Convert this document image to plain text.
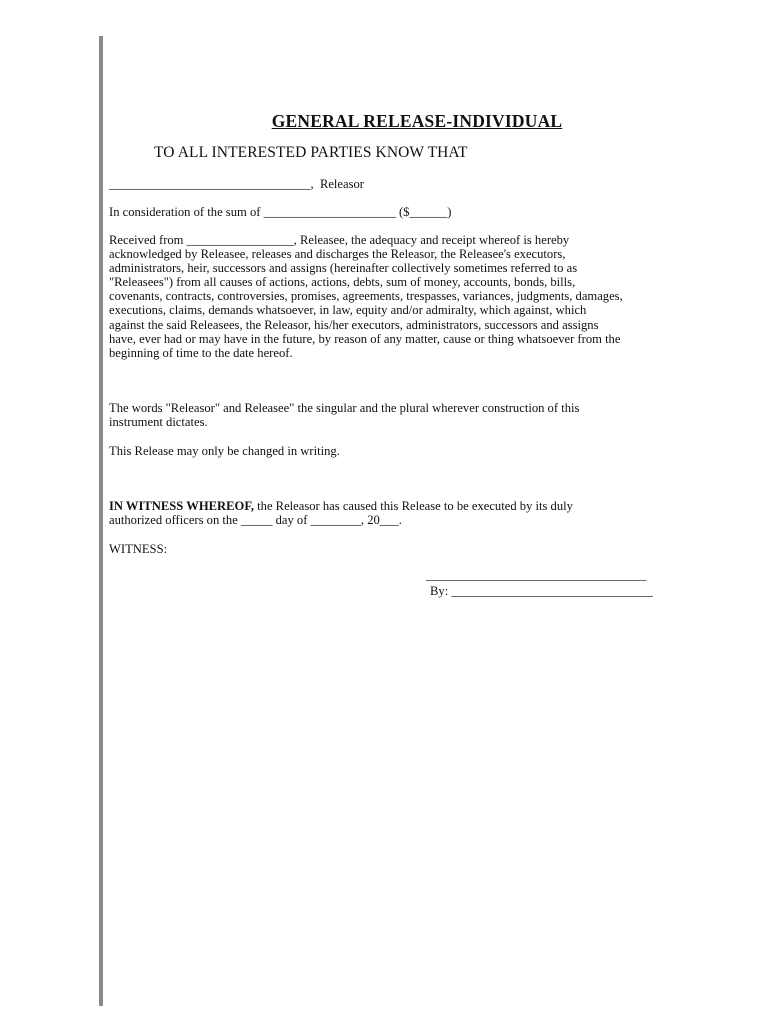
GENERAL RELEASE-INDIVIDUAL
TO ALL INTERESTED PARTIES KNOW THAT
________________________________,  Releasor
In consideration of the sum of _____________________ ($______)

Received from _________________, Releasee, the adequacy and receipt whereof is hereby

acknowledged by Releasee, releases and discharges the Releasor, the Releasee's executors,

administrators, heir, successors and assigns (hereinafter collectively sometimes referred to as

"Releasees") from all causes of actions, actions, debts, sum of money, accounts, bonds, bills,

covenants, contracts, controversies, promises, agreements, trespasses, variances, judgments, damages,

executions, claims, demands whatsoever, in law, equity and/or admiralty, which against, which

against the said Releasees, the Releasor, his/her executors, administrators, successors and assigns

have, ever had or may have in the future, by reason of any matter, cause or thing whatsoever from the

beginning of time to the date hereof.

The words "Releasor" and Releasee" the singular and the plural wherever construction of this

instrument dictates.

This Release may only be changed in writing.

IN WITNESS WHEREOF, the Releasor has caused this Release to be executed by its duly

authorized officers on the _____ day of ________, 20___.

WITNESS:
___________________________________
By: ________________________________
